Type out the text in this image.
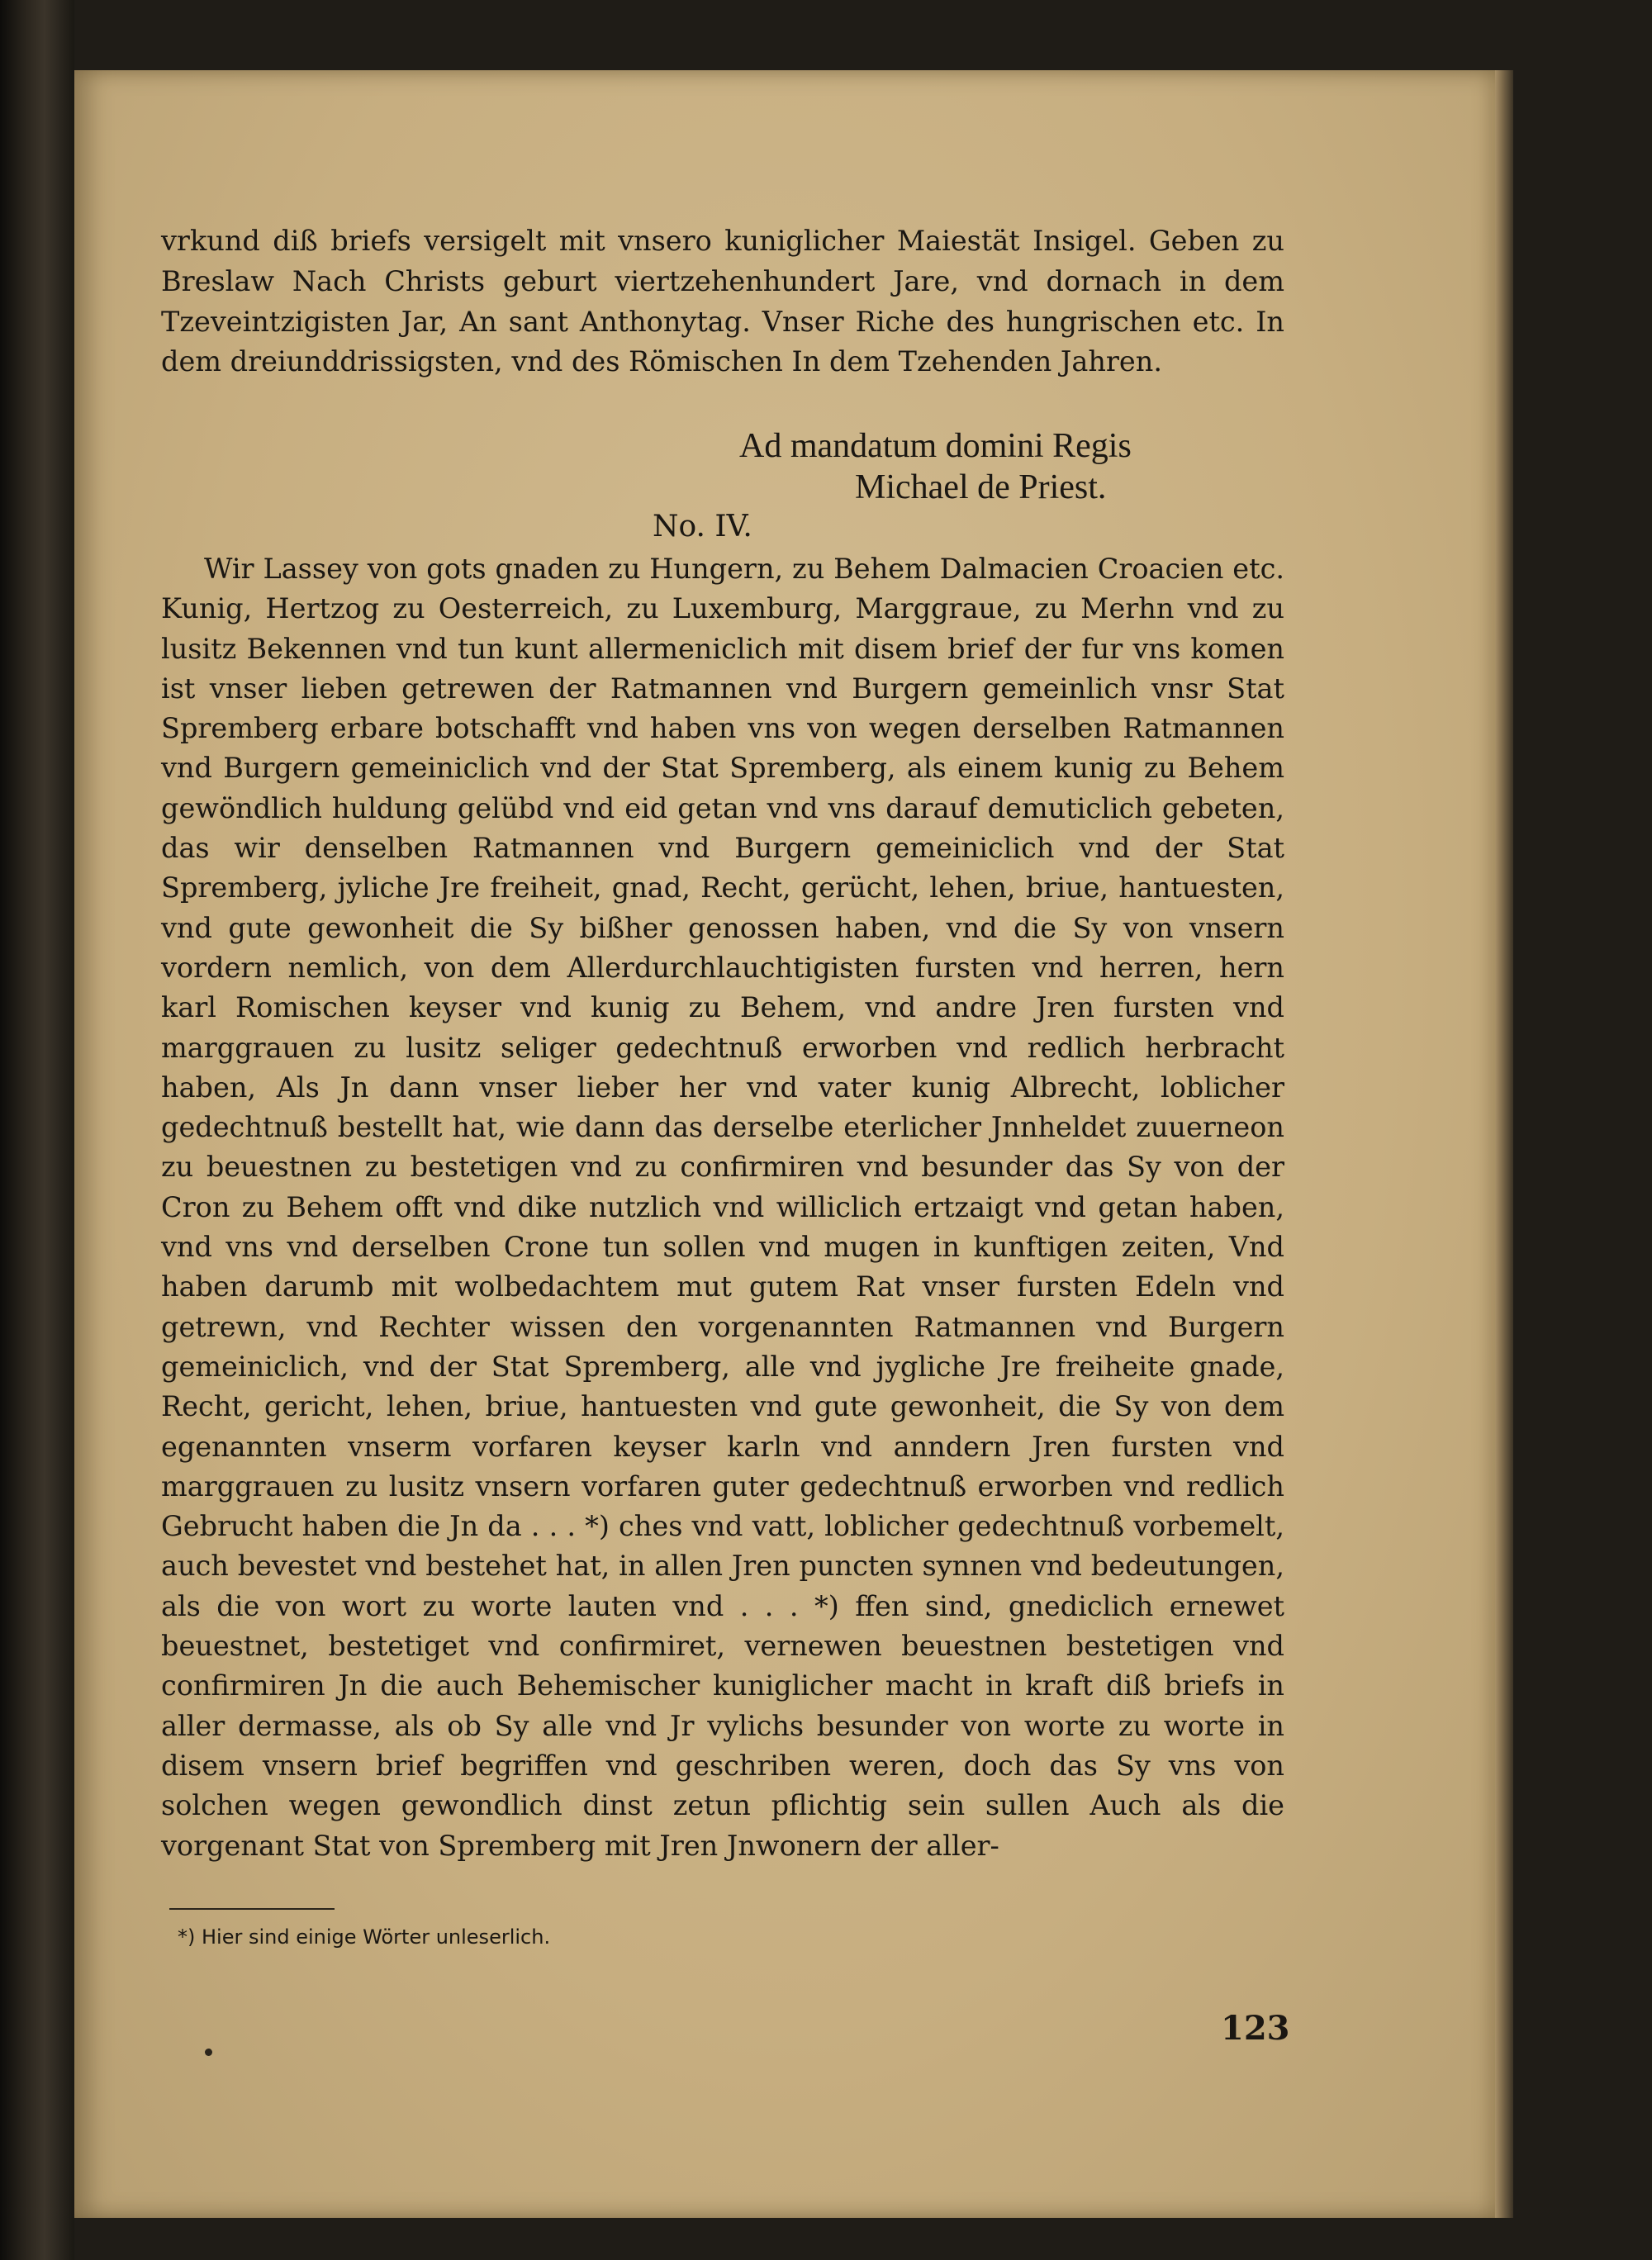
vrkund diß briefs versigelt mit vnsero kuniglicher Maiestät Insigel. Geben zu Breslaw Nach Christs geburt viertzehenhundert Jare, vnd dornach in dem Tzeveintzigisten Jar, An sant Anthonytag. Vnser Riche des hungrischen etc. In dem dreiunddrissigsten, vnd des Römischen In dem Tzehenden Jahren.

Ad mandatum domini Regis
Michael de Priest.
No. IV.

Wir Lassey von gots gnaden zu Hungern, zu Behem Dalmacien Croacien etc. Kunig, Hertzog zu Oesterreich, zu Luxemburg, Marggraue, zu Merhn vnd zu lusitz Bekennen vnd tun kunt allermeniclich mit disem brief der fur vns komen ist vnser lieben getrewen der Ratmannen vnd Burgern gemeinlich vnsr Stat Spremberg erbare botschafft vnd haben vns von wegen derselben Ratmannen vnd Burgern gemeiniclich vnd der Stat Spremberg, als einem kunig zu Behem gewöndlich huldung gelübd vnd eid getan vnd vns darauf demuticlich gebeten, das wir denselben Ratmannen vnd Burgern gemeiniclich vnd der Stat Spremberg, jyliche Jre freiheit, gnad, Recht, gerücht, lehen, briue, hantuesten, vnd gute gewonheit die Sy bißher genossen haben, vnd die Sy von vnsern vordern nemlich, von dem Allerdurchlauchtigisten fursten vnd herren, hern karl Romischen keyser vnd kunig zu Behem, vnd andre Jren fursten vnd marggrauen zu lusitz seliger gedechtnuß erworben vnd redlich herbracht haben, Als Jn dann vnser lieber her vnd vater kunig Albrecht, loblicher gedechtnuß bestellt hat, wie dann das derselbe eterlicher Jnnheldet zuuerneon zu beuestnen zu bestetigen vnd zu confirmiren vnd besunder das Sy von der Cron zu Behem offt vnd dike nutzlich vnd williclich ertzaigt vnd getan haben, vnd vns vnd derselben Crone tun sollen vnd mugen in kunftigen zeiten, Vnd haben darumb mit wolbedachtem mut gutem Rat vnser fursten Edeln vnd getrewn, vnd Rechter wissen den vorgenannten Ratmannen vnd Burgern gemeiniclich, vnd der Stat Spremberg, alle vnd jygliche Jre freiheite gnade, Recht, gericht, lehen, briue, hantuesten vnd gute gewonheit, die Sy von dem egenannten vnserm vorfaren keyser karln vnd anndern Jren fursten vnd marggrauen zu lusitz vnsern vorfaren guter gedechtnuß erworben vnd redlich Gebrucht haben die Jn da . . . *) ches vnd vatt, loblicher gedechtnuß vorbemelt, auch bevestet vnd bestehet hat, in allen Jren puncten synnen vnd bedeutungen, als die von wort zu worte lauten vnd . . . *) ffen sind, gnediclich ernewet beuestnet, bestetiget vnd confirmiret, vernewen beuestnen bestetigen vnd confirmiren Jn die auch Behemischer kuniglicher macht in kraft diß briefs in aller dermasse, als ob Sy alle vnd Jr vylichs besunder von worte zu worte in disem vnsern brief begriffen vnd geschriben weren, doch das Sy vns von solchen wegen gewondlich dinst zetun pflichtig sein sullen Auch als die vorgenant Stat von Spremberg mit Jren Jnwonern der aller-

*) Hier sind einige Wörter unleserlich.
123
